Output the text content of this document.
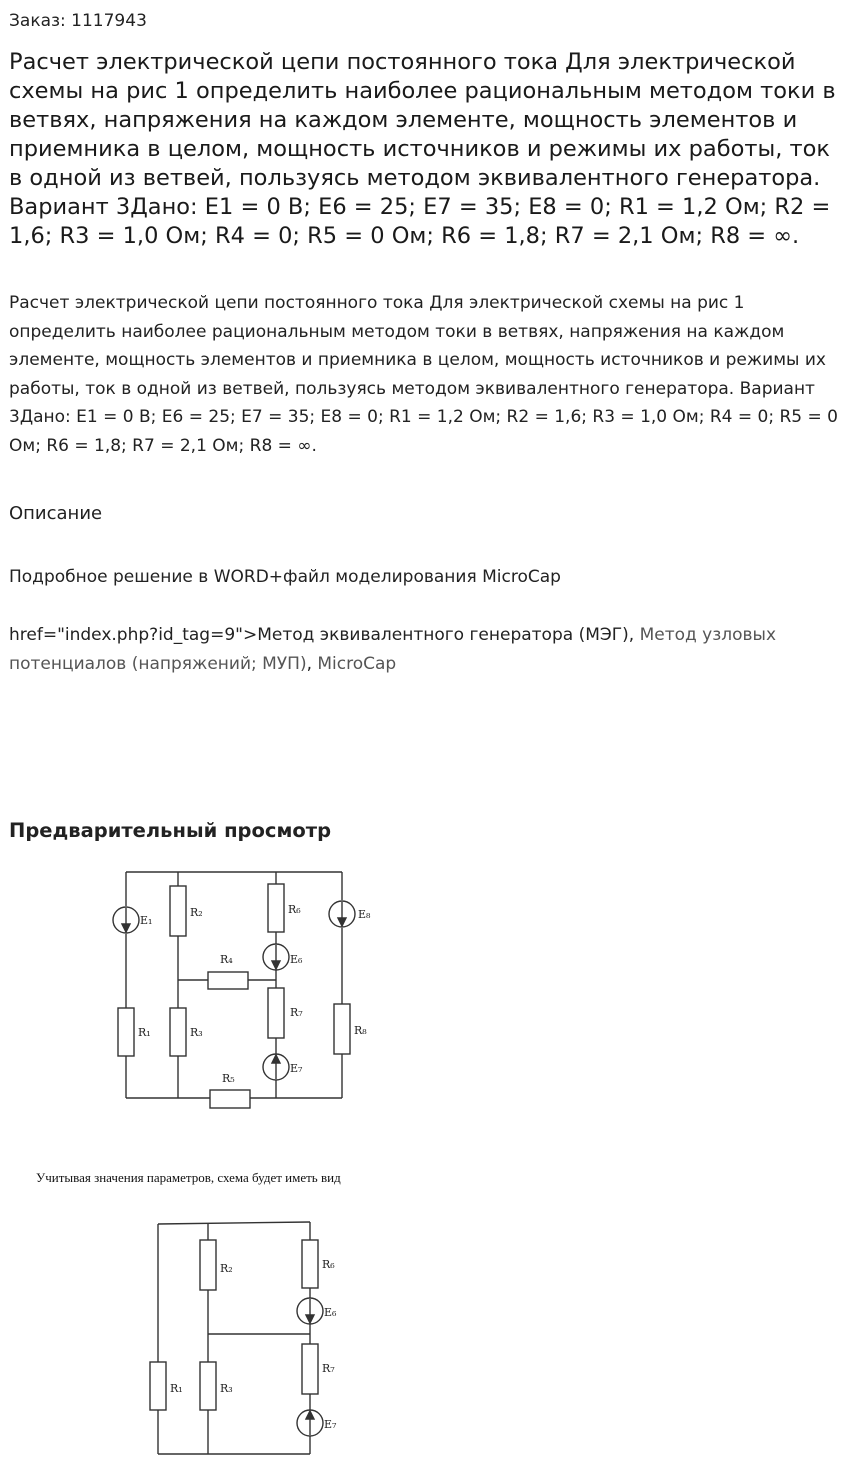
Заказ: 1117943
Расчет электрической цепи постоянного тока Для электрической схемы на рис 1 определить наиболее рациональным методом токи в ветвях, напряжения на каждом элементе, мощность элементов и приемника в целом, мощность источников и режимы их работы, ток в одной из ветвей, пользуясь методом эквивалентного генератора. Вариант 3Дано: Е1 = 0 В; Е6 = 25; Е7 = 35; Е8 = 0; R1 = 1,2 Ом; R2 = 1,6; R3 = 1,0 Ом; R4 = 0; R5 = 0 Ом; R6 = 1,8; R7 = 2,1 Ом; R8 = ∞.

Расчет электрической цепи постоянного тока Для электрической схемы на рис 1 определить наиболее рациональным методом токи в ветвях, напряжения на каждом элементе, мощность элементов и приемника в целом, мощность источников и режимы их работы, ток в одной из ветвей, пользуясь методом эквивалентного генератора. Вариант 3Дано: Е1 = 0 В; Е6 = 25; Е7 = 35; Е8 = 0; R1 = 1,2 Ом; R2 = 1,6; R3 = 1,0 Ом; R4 = 0; R5 = 0 Ом; R6 = 1,8; R7 = 2,1 Ом; R8 = ∞.

Описание
Подробное решение в WORD+файл моделирования MicroCap
href="index.php?id_tag=9">Метод эквивалентного генератора (МЭГ), Метод узловых потенциалов (напряжений; МУП), MicroCap
Предварительный просмотр
E₁
R₂	R₆	E₈
R₄	E₆
R₁	R₃
R₇
R₈
E₇
R₅
Учитывая значения параметров, схема будет иметь вид
R₂	R₆
E₆
R₁	R₃
R₇
E₇
